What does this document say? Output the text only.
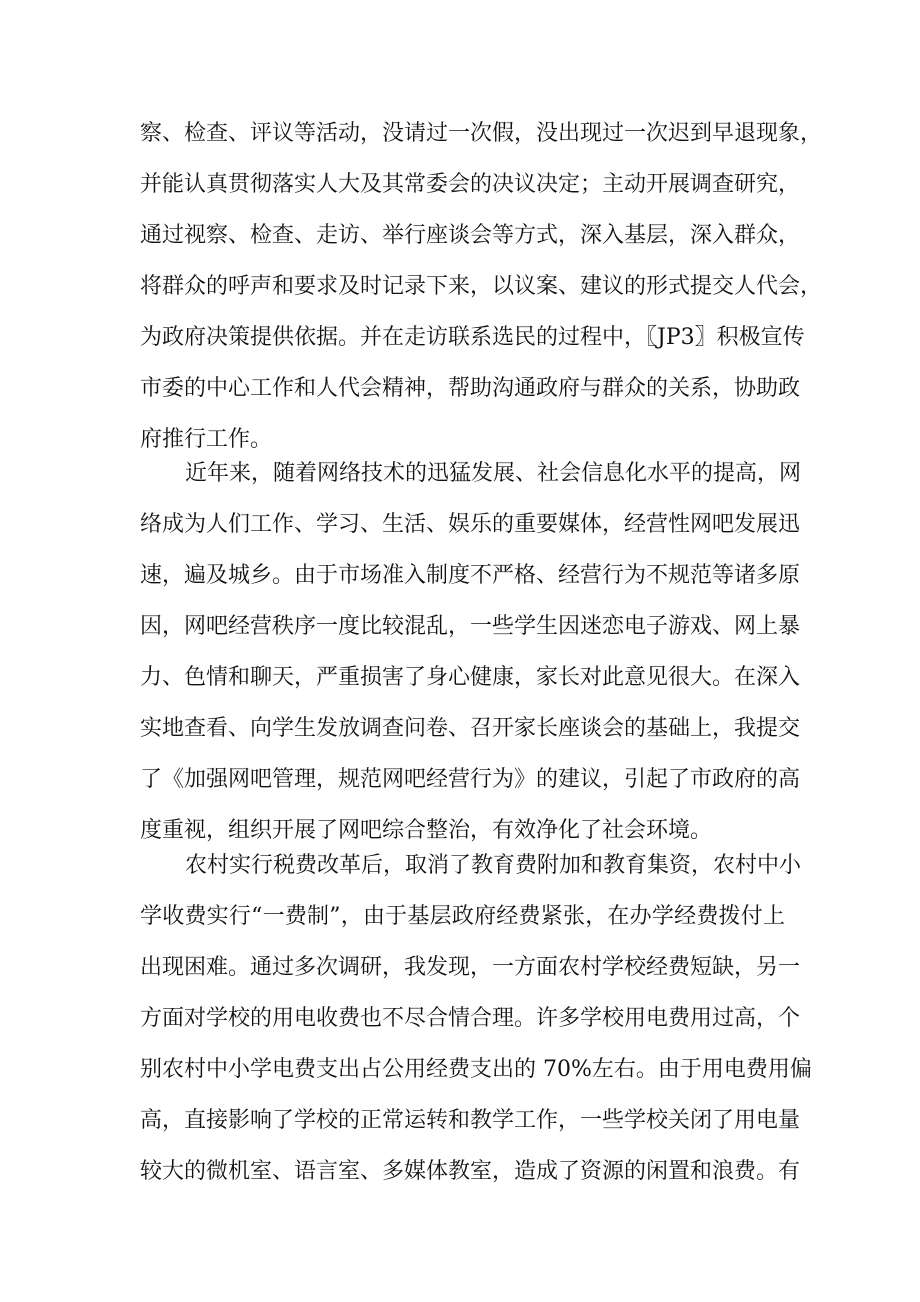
察、检查、评议等活动，没请过一次假，没出现过一次迟到早退现象，
并能认真贯彻落实人大及其常委会的决议决定；主动开展调查研究，
通过视察、检查、走访、举行座谈会等方式，深入基层，深入群众，
将群众的呼声和要求及时记录下来，以议案、建议的形式提交人代会，
为政府决策提供依据。并在走访联系选民的过程中，〖JP3〗积极宣传
市委的中心工作和人代会精神，帮助沟通政府与群众的关系，协助政
府推行工作。
近年来，随着网络技术的迅猛发展、社会信息化水平的提高，网
络成为人们工作、学习、生活、娱乐的重要媒体，经营性网吧发展迅
速，遍及城乡。由于市场准入制度不严格、经营行为不规范等诸多原
因，网吧经营秩序一度比较混乱，一些学生因迷恋电子游戏、网上暴
力、色情和聊天，严重损害了身心健康，家长对此意见很大。在深入
实地查看、向学生发放调查问卷、召开家长座谈会的基础上，我提交
了《加强网吧管理，规范网吧经营行为》的建议，引起了市政府的高
度重视，组织开展了网吧综合整治，有效净化了社会环境。
农村实行税费改革后，取消了教育费附加和教育集资，农村中小
学收费实行“一费制”，由于基层政府经费紧张，在办学经费拨付上
出现困难。通过多次调研，我发现，一方面农村学校经费短缺，另一
方面对学校的用电收费也不尽合情合理。许多学校用电费用过高，个
别农村中小学电费支出占公用经费支出的 70%左右。由于用电费用偏
高，直接影响了学校的正常运转和教学工作，一些学校关闭了用电量
较大的微机室、语言室、多媒体教室，造成了资源的闲置和浪费。有
